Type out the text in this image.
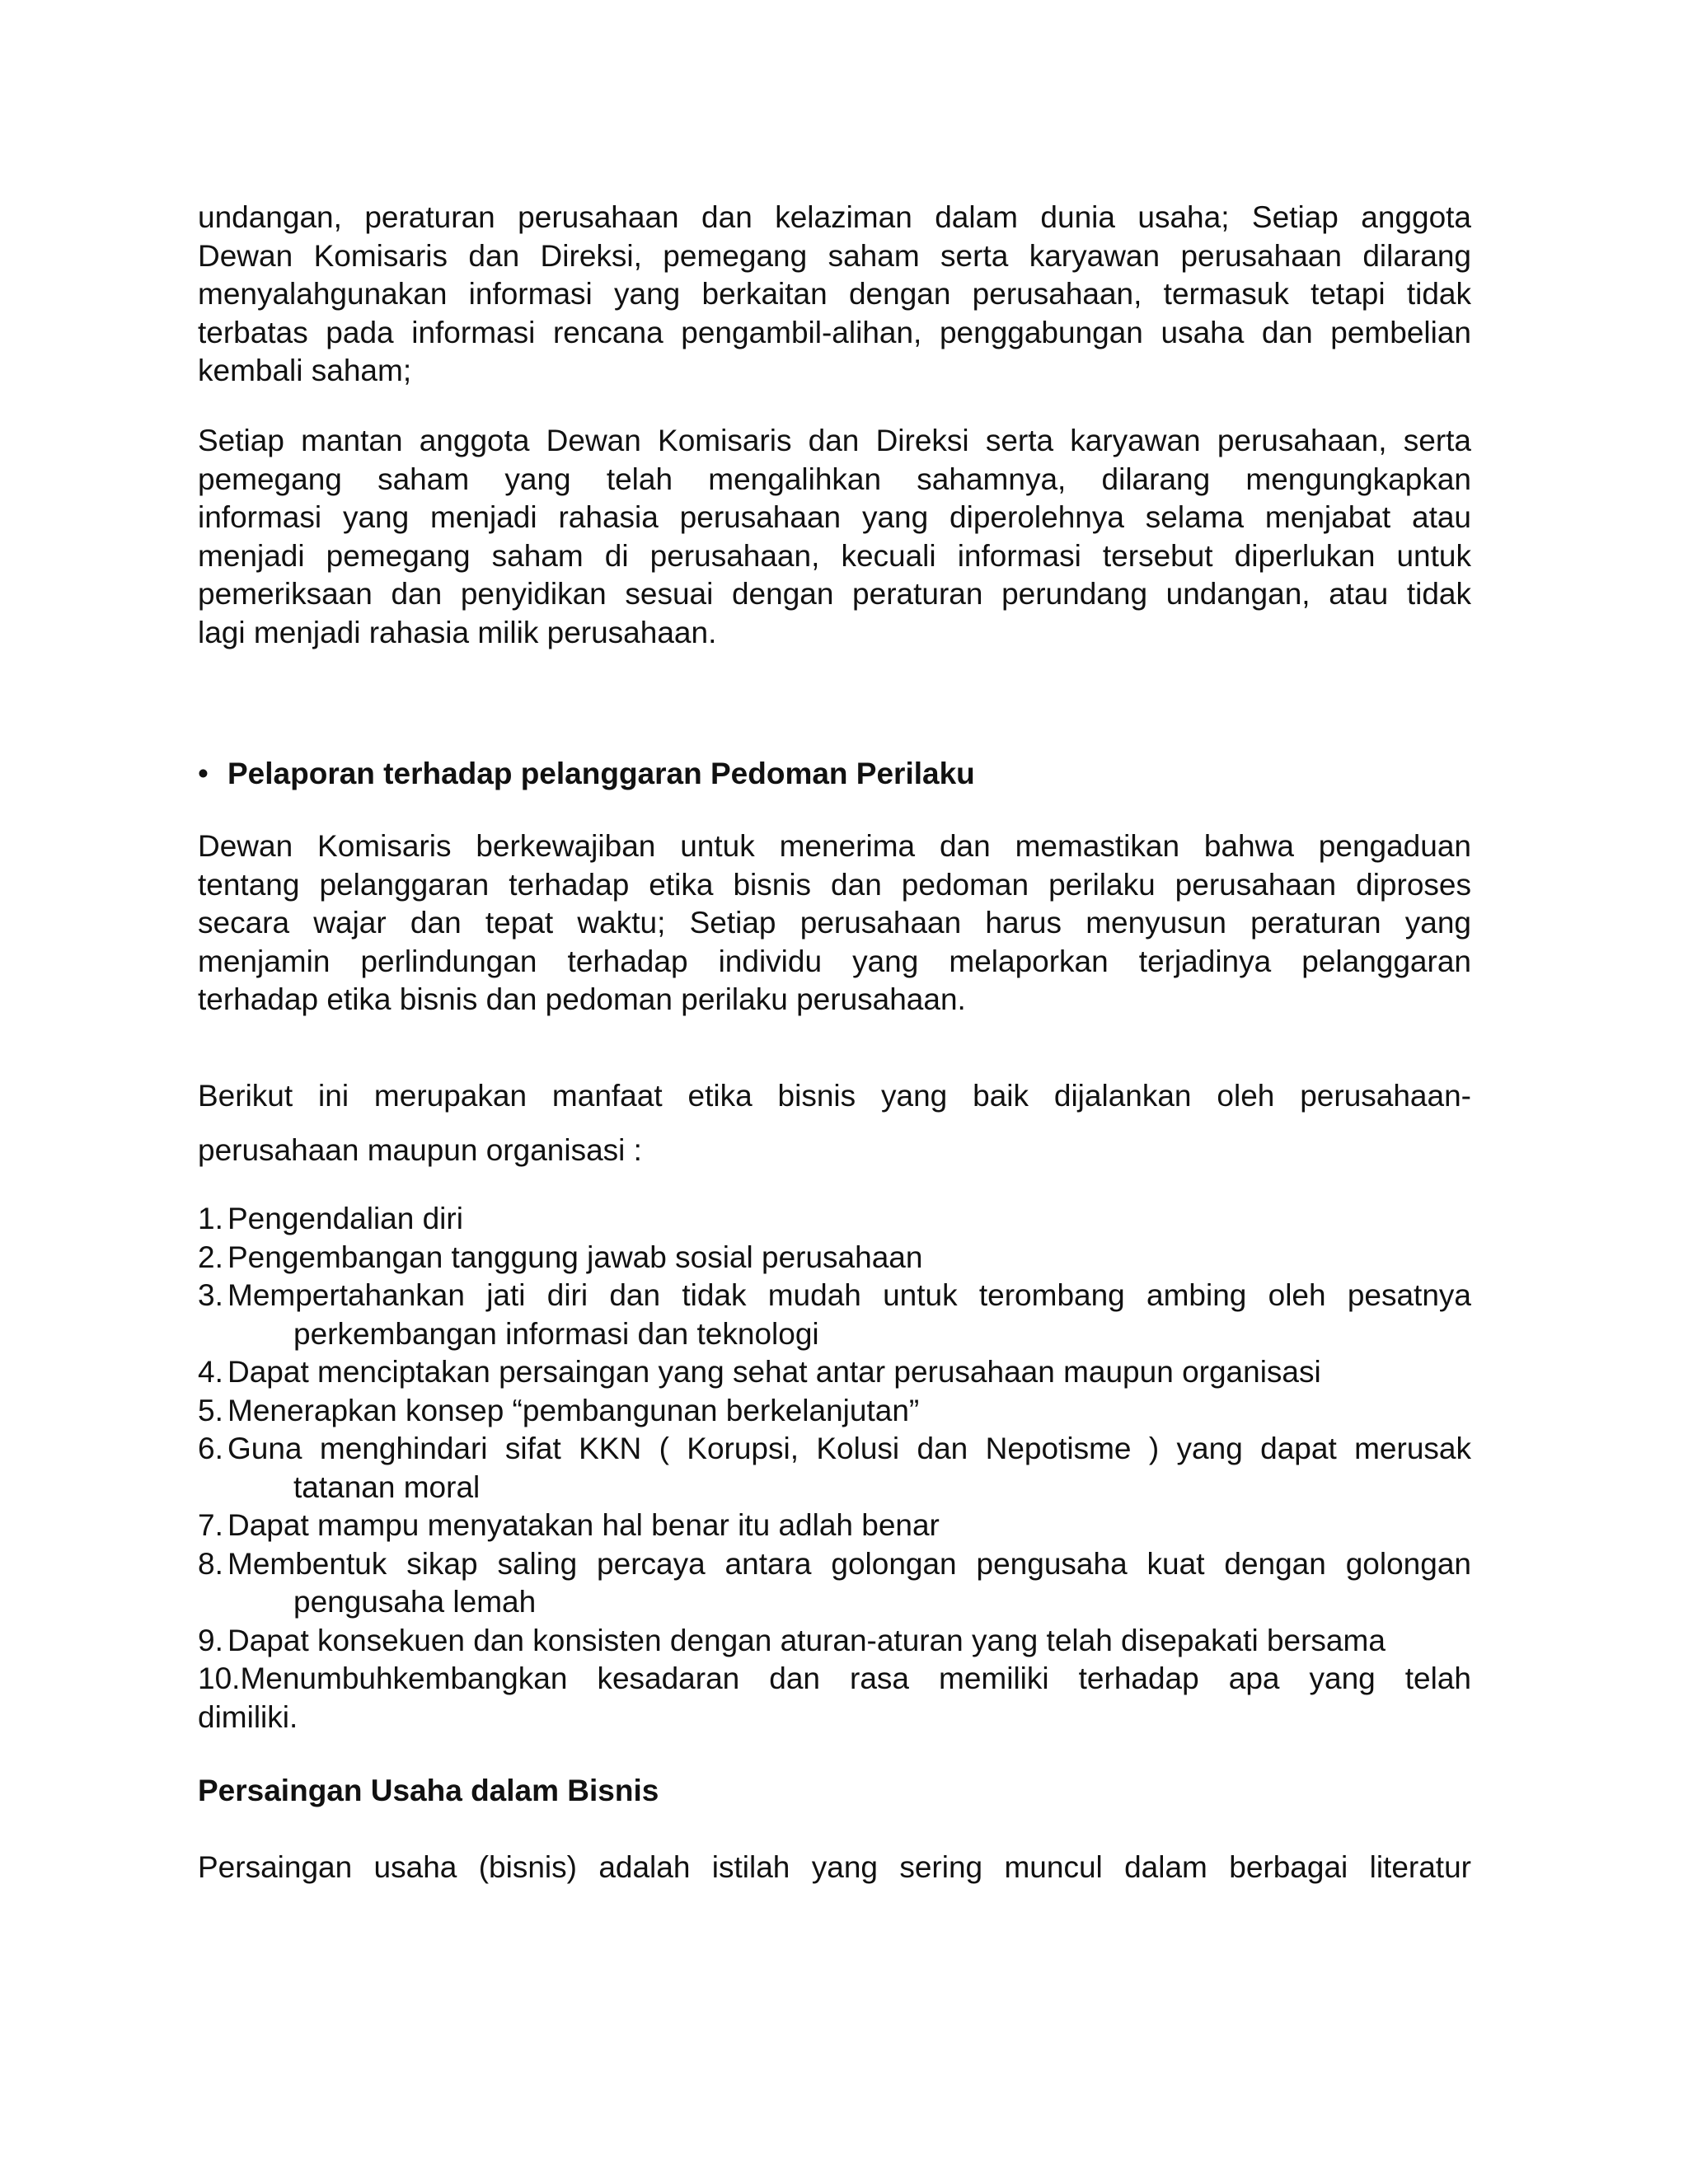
undangan, peraturan perusahaan dan kelaziman dalam dunia usaha; Setiap anggota
Dewan Komisaris dan Direksi, pemegang saham serta karyawan perusahaan dilarang
menyalahgunakan informasi yang berkaitan dengan perusahaan, termasuk tetapi tidak
terbatas pada informasi rencana pengambil-alihan, penggabungan usaha dan pembelian
kembali saham;
Setiap mantan anggota Dewan Komisaris dan Direksi serta karyawan perusahaan, serta
pemegang saham yang telah mengalihkan sahamnya, dilarang mengungkapkan
informasi yang menjadi rahasia perusahaan yang diperolehnya selama menjabat atau
menjadi pemegang saham di perusahaan, kecuali informasi tersebut diperlukan untuk
pemeriksaan dan penyidikan sesuai dengan peraturan perundang undangan, atau tidak
lagi menjadi rahasia milik perusahaan.
• Pelaporan terhadap pelanggaran Pedoman Perilaku
Dewan Komisaris berkewajiban untuk menerima dan memastikan bahwa pengaduan
tentang pelanggaran terhadap etika bisnis dan pedoman perilaku perusahaan diproses
secara wajar dan tepat waktu; Setiap perusahaan harus menyusun peraturan yang
menjamin perlindungan terhadap individu yang melaporkan terjadinya pelanggaran
terhadap etika bisnis dan pedoman perilaku perusahaan.
Berikut ini merupakan manfaat etika bisnis yang baik dijalankan oleh perusahaan-
perusahaan maupun organisasi :
1. Pengendalian diri
2. Pengembangan tanggung jawab sosial perusahaan
3. Mempertahankan jati diri dan tidak mudah untuk terombang ambing oleh pesatnya
perkembangan informasi dan teknologi
4. Dapat menciptakan persaingan yang sehat antar perusahaan maupun organisasi
5. Menerapkan konsep “pembangunan berkelanjutan”
6. Guna menghindari sifat KKN ( Korupsi, Kolusi dan Nepotisme ) yang dapat merusak
tatanan moral
7. Dapat mampu menyatakan hal benar itu adlah benar
8. Membentuk sikap saling percaya antara golongan pengusaha kuat dengan golongan
pengusaha lemah
9. Dapat konsekuen dan konsisten dengan aturan-aturan yang telah disepakati bersama
10.Menumbuhkembangkan kesadaran dan rasa memiliki terhadap apa yang telah
dimiliki.
Persaingan Usaha dalam Bisnis
Persaingan usaha (bisnis) adalah istilah yang sering muncul dalam berbagai literatur
